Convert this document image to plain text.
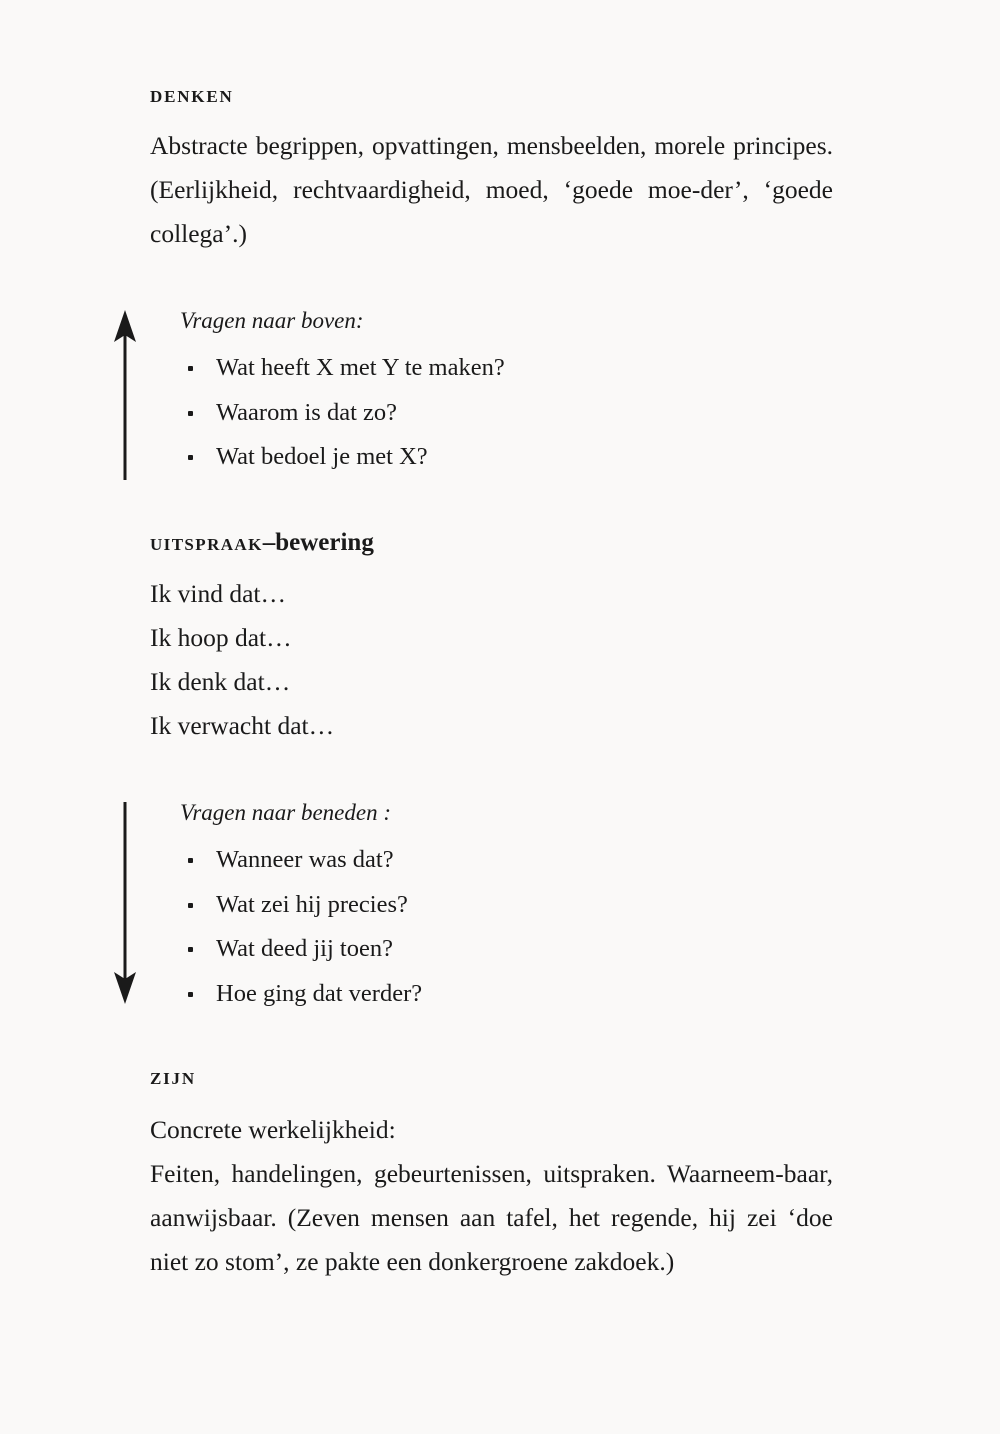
DENKEN

Abstracte begrippen, opvattingen, mensbeelden, morele principes. (Eerlijkheid, rechtvaardigheid, moed, ‘goede moe-der’, ‘goede collega’.)

Vragen naar boven:
Wat heeft X met Y te maken?
Waarom is dat zo?
Wat bedoel je met X?
UITSPRAAK–bewering
Ik vind dat…
Ik hoop dat…
Ik denk dat…
Ik verwacht dat…
Vragen naar beneden :
Wanneer was dat?
Wat zei hij precies?
Wat deed jij toen?
Hoe ging dat verder?
ZIJN
Concrete werkelijkheid:

Feiten, handelingen, gebeurtenissen, uitspraken. Waarneem-baar, aanwijsbaar. (Zeven mensen aan tafel, het regende, hij zei ‘doe niet zo stom’, ze pakte een donkergroene zakdoek.)
